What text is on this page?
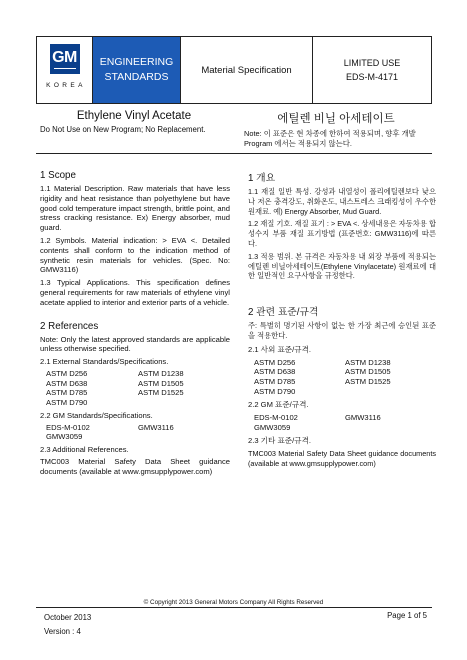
GM
KOREA
ENGINEERING
STANDARDS
Material Specification
LIMITED USE
EDS-M-4171
Ethylene Vinyl Acetate
Do Not Use on New Program; No Replacement.
에틸렌 비닐 아세테이트
Note: 이 표준은 현 차종에 한하여 적용되며, 향후 개발 Program 에서는 적용되지 않는다.
1 Scope

1.1 Material Description. Raw materials that have less rigidity and heat resistance than polyethylene but have good cold temperature impact strength, brittle point, and stress cracking resistance. Ex) Energy absorber, mud guard.

1.2 Symbols. Material indication: > EVA <. Detailed contents shall conform to the indication method of synthetic resin materials for vehicles. (Spec. No: GMW3116)

1.3 Typical Applications. This specification defines general requirements for raw materials of ethylene vinyl acetate applied to interior and exterior parts of a vehicle.

2 References

Note: Only the latest approved standards are applicable unless otherwise specified.

2.1 External Standards/Specifications.
ASTM D256	ASTM D1238
ASTM D638	ASTM D1505
ASTM D785	ASTM D1525
ASTM D790
2.2 GM Standards/Specifications.
EDS-M-0102	GMW3116
GMW3059
2.3 Additional References.

TMC003 Material Safety Data Sheet guidance documents (available at www.gmsupplypower.com)

1 개요

1.1 재질 일반 특성. 강성과 내열성이 폴리에틸렌보다 낮으나 저온 충격강도, 취화온도, 내스트레스 크래킹성이 우수한 원재료. 예) Energy Absorber, Mud Guard.

1.2 재질 기호. 재질 표기 : > EVA <. 상세내용은 자동차용 합성수지 부품 재질 표기방법 (표준번호: GMW3116)에 따른다.

1.3 적용 범위. 본 규격은 자동차용 내 외장 부품에 적용되는 에틸렌 비닐아세테이트(Ethylene Vinylacetate) 원재료에 대한 일반적인 요구사항을 규정한다.

2 관련 표준/규격

주: 특별히 명기된 사항이 없는 한 가장 최근에 승인된 표준을 적용한다.

2.1 사외 표준/규격.
ASTM D256	ASTM D1238
ASTM D638	ASTM D1505
ASTM D785	ASTM D1525
ASTM D790
2.2 GM 표준/규격.
EDS-M-0102	GMW3116
GMW3059
2.3 기타 표준/규격.

TMC003 Material Safety Data Sheet guidance documents (available at www.gmsupplypower.com)

© Copyright 2013 General Motors Company All Rights Reserved
October 2013
Version : 4
Page 1 of 5
